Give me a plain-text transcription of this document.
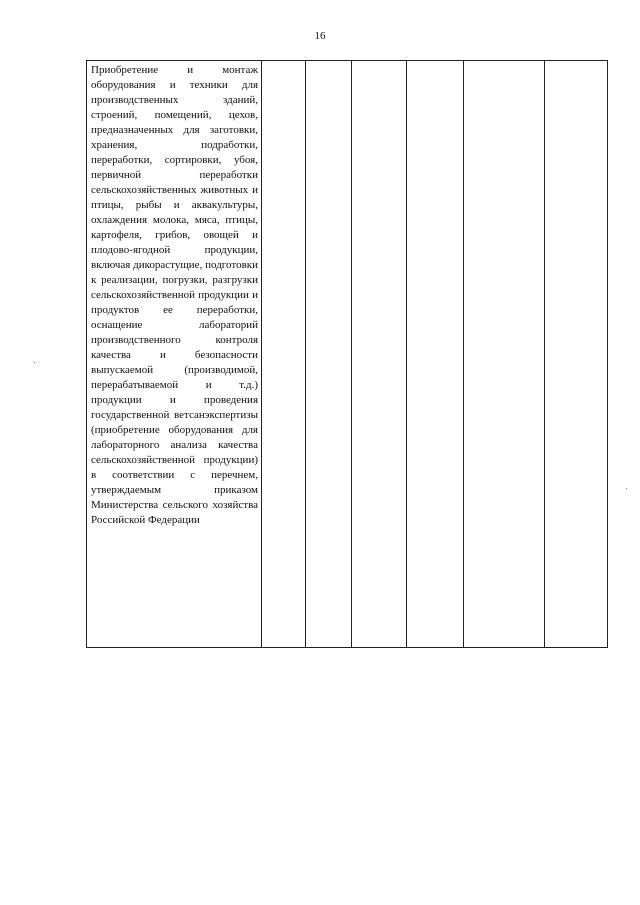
16
Приобретение и монтаж оборудования и техники для производственных зданий, строений, помещений, цехов, предназначенных для заготовки, хранения, подработки, переработки, сортировки, убоя, первичной переработки сельскохозяйственных животных и птицы, рыбы и аквакультуры, охлаждения молока, мяса, птицы, картофеля, грибов, овощей и плодово-ягодной продукции, включая дикорастущие, подготовки к реализации, погрузки, разгрузки сельскохозяйственной продукции и продуктов ее переработки, оснащение лабораторий производственного контроля качества и безопасности выпускаемой (производимой, перерабатываемой и т.д.) продукции и проведения государственной ветсанэкспертизы (приобретение оборудования для лабораторного анализа качества сельскохозяйственной продукции) в соответствии с перечнем, утверждаемым приказом Министерства сельского хозяйства Российской Федерации
